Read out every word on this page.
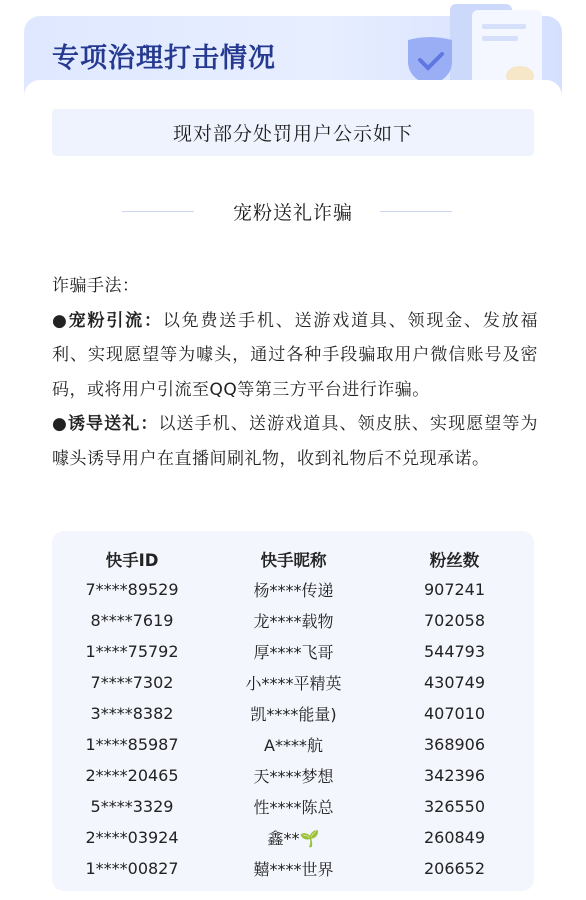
专项治理打击情况
现对部分处罚用户公示如下
宠粉送礼诈骗

诈骗手法：

●宠粉引流：以免费送手机、送游戏道具、领现金、发放福利、实现愿望等为噱头，通过各种手段骗取用户微信账号及密码，或将用户引流至QQ等第三方平台进行诈骗。

●诱导送礼：以送手机、送游戏道具、领皮肤、实现愿望等为噱头诱导用户在直播间刷礼物，收到礼物后不兑现承诺。

快手ID	快手昵称	粉丝数
7****89529	杨****传递	907241
8****7619	龙****载物	702058
1****75792	厚****飞哥	544793
7****7302	小****平精英	430749
3****8382	凯****能量)	407010
1****85987	A****航	368906
2****20465	天****梦想	342396
5****3329	性****陈总	326550
2****03924	鑫**🌱	260849
1****00827	囏****世界	206652
